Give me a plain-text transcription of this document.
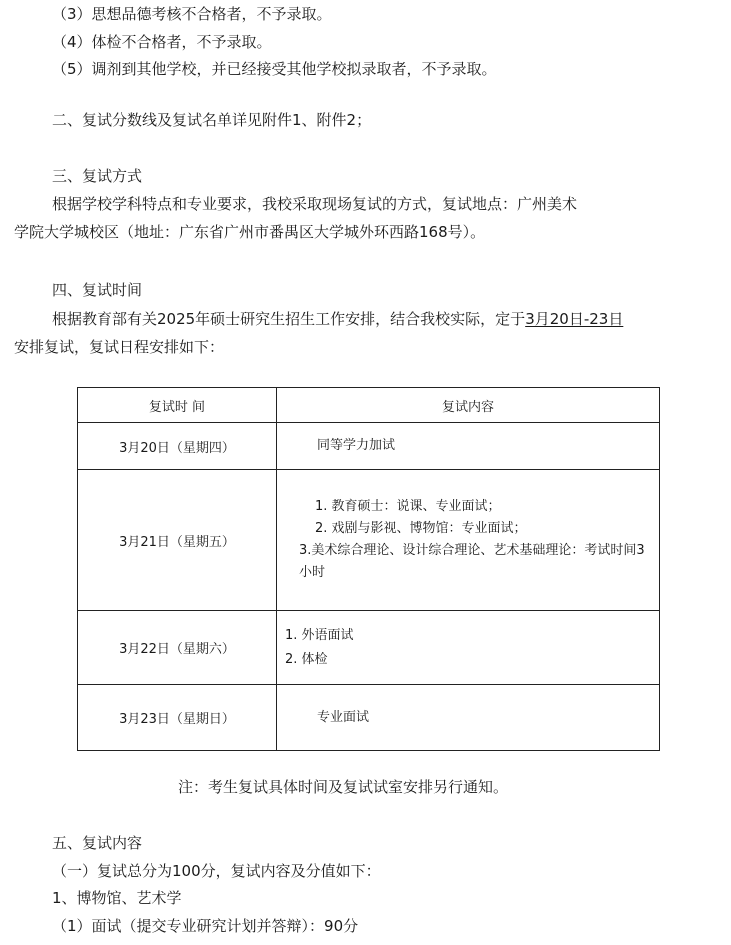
（3）思想品德考核不合格者，不予录取。
（4）体检不合格者，不予录取。
（5）调剂到其他学校，并已经接受其他学校拟录取者，不予录取。
二、复试分数线及复试名单详见附件1、附件2；
三、复试方式
根据学校学科特点和专业要求，我校采取现场复试的方式，复试地点：广州美术
学院大学城校区（地址：广东省广州市番禺区大学城外环西路168号）。
四、复试时间
根据教育部有关2025年硕士研究生招生工作安排，结合我校实际，定于3月20日-23日
安排复试，复试日程安排如下：
复试时 间	复试内容
3月20日（星期四）	同等学力加试

3月21日（星期五）	1. 教育硕士：说课、专业面试；
2. 戏剧与影视、博物馆：专业面试；
3.美术综合理论、设计综合理论、艺术基础理论：考试时间3小时

3月22日（星期六）	1. 外语面试
2. 体检

3月23日（星期日）	专业面试
注：考生复试具体时间及复试试室安排另行通知。
五、复试内容
（一）复试总分为100分，复试内容及分值如下：
1、博物馆、艺术学
（1）面试（提交专业研究计划并答辩）：90分
